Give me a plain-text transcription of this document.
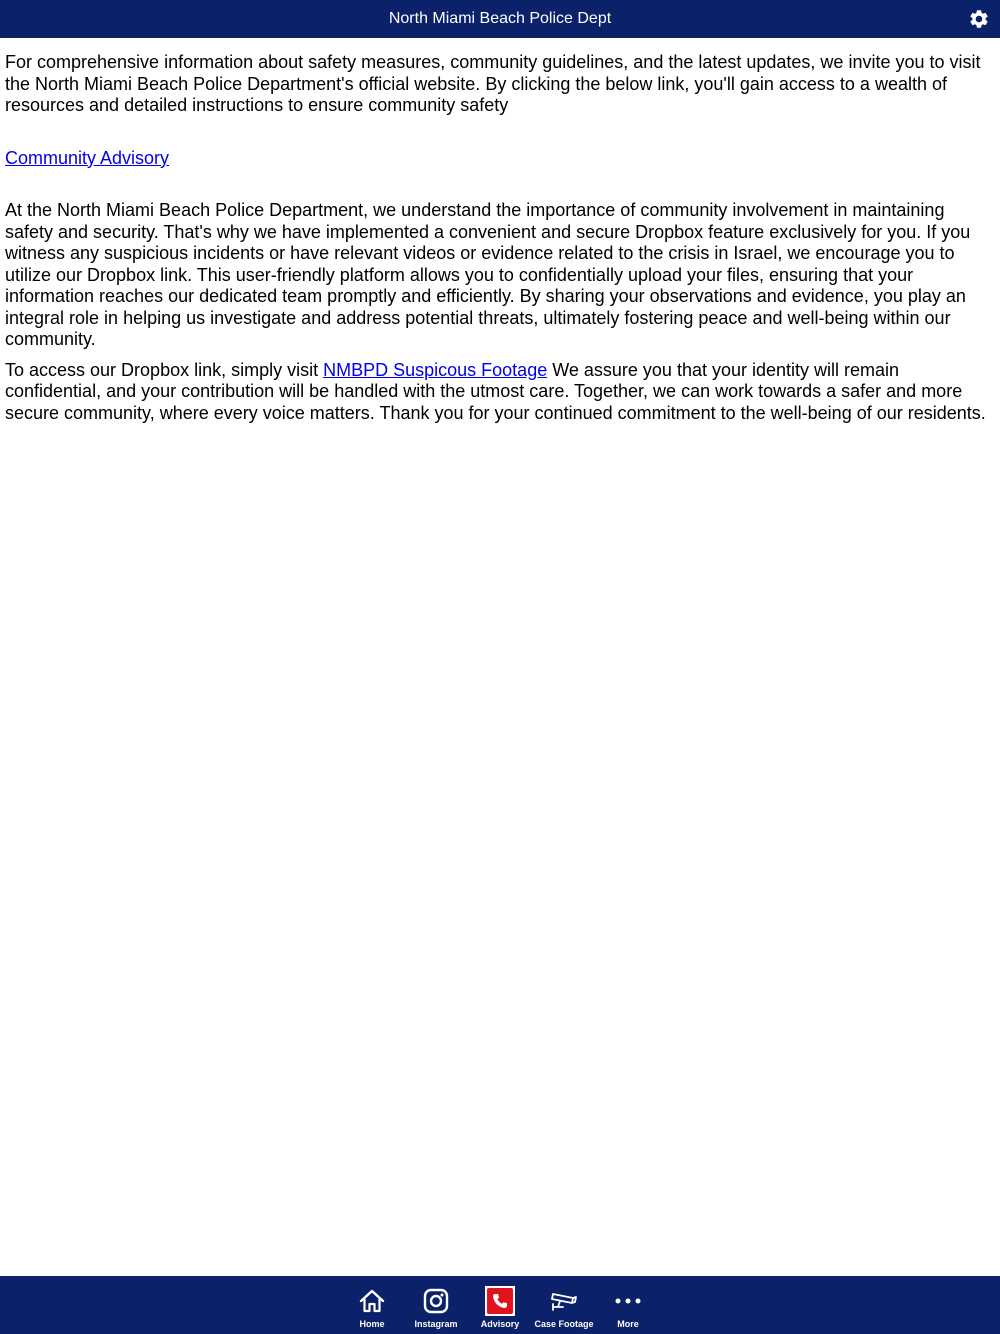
North Miami Beach Police Dept

For comprehensive information about safety measures, community guidelines, and the latest updates, we invite you to visit the North Miami Beach Police Department's official website. By clicking the below link, you'll gain access to a wealth of resources and detailed instructions to ensure community safety

Community Advisory

At the North Miami Beach Police Department, we understand the importance of community involvement in maintaining safety and security. That's why we have implemented a convenient and secure Dropbox feature exclusively for you. If you witness any suspicious incidents or have relevant videos or evidence related to the crisis in Israel, we encourage you to utilize our Dropbox link. This user-friendly platform allows you to confidentially upload your files, ensuring that your information reaches our dedicated team promptly and efficiently. By sharing your observations and evidence, you play an integral role in helping us investigate and address potential threats, ultimately fostering peace and well-being within our community.

To access our Dropbox link, simply visit NMBPD Suspicous Footage We assure you that your identity will remain confidential, and your contribution will be handled with the utmost care. Together, we can work towards a safer and more secure community, where every voice matters. Thank you for your continued commitment to the well-being of our residents.

Home	Instagram	Advisory Case Footage	More
